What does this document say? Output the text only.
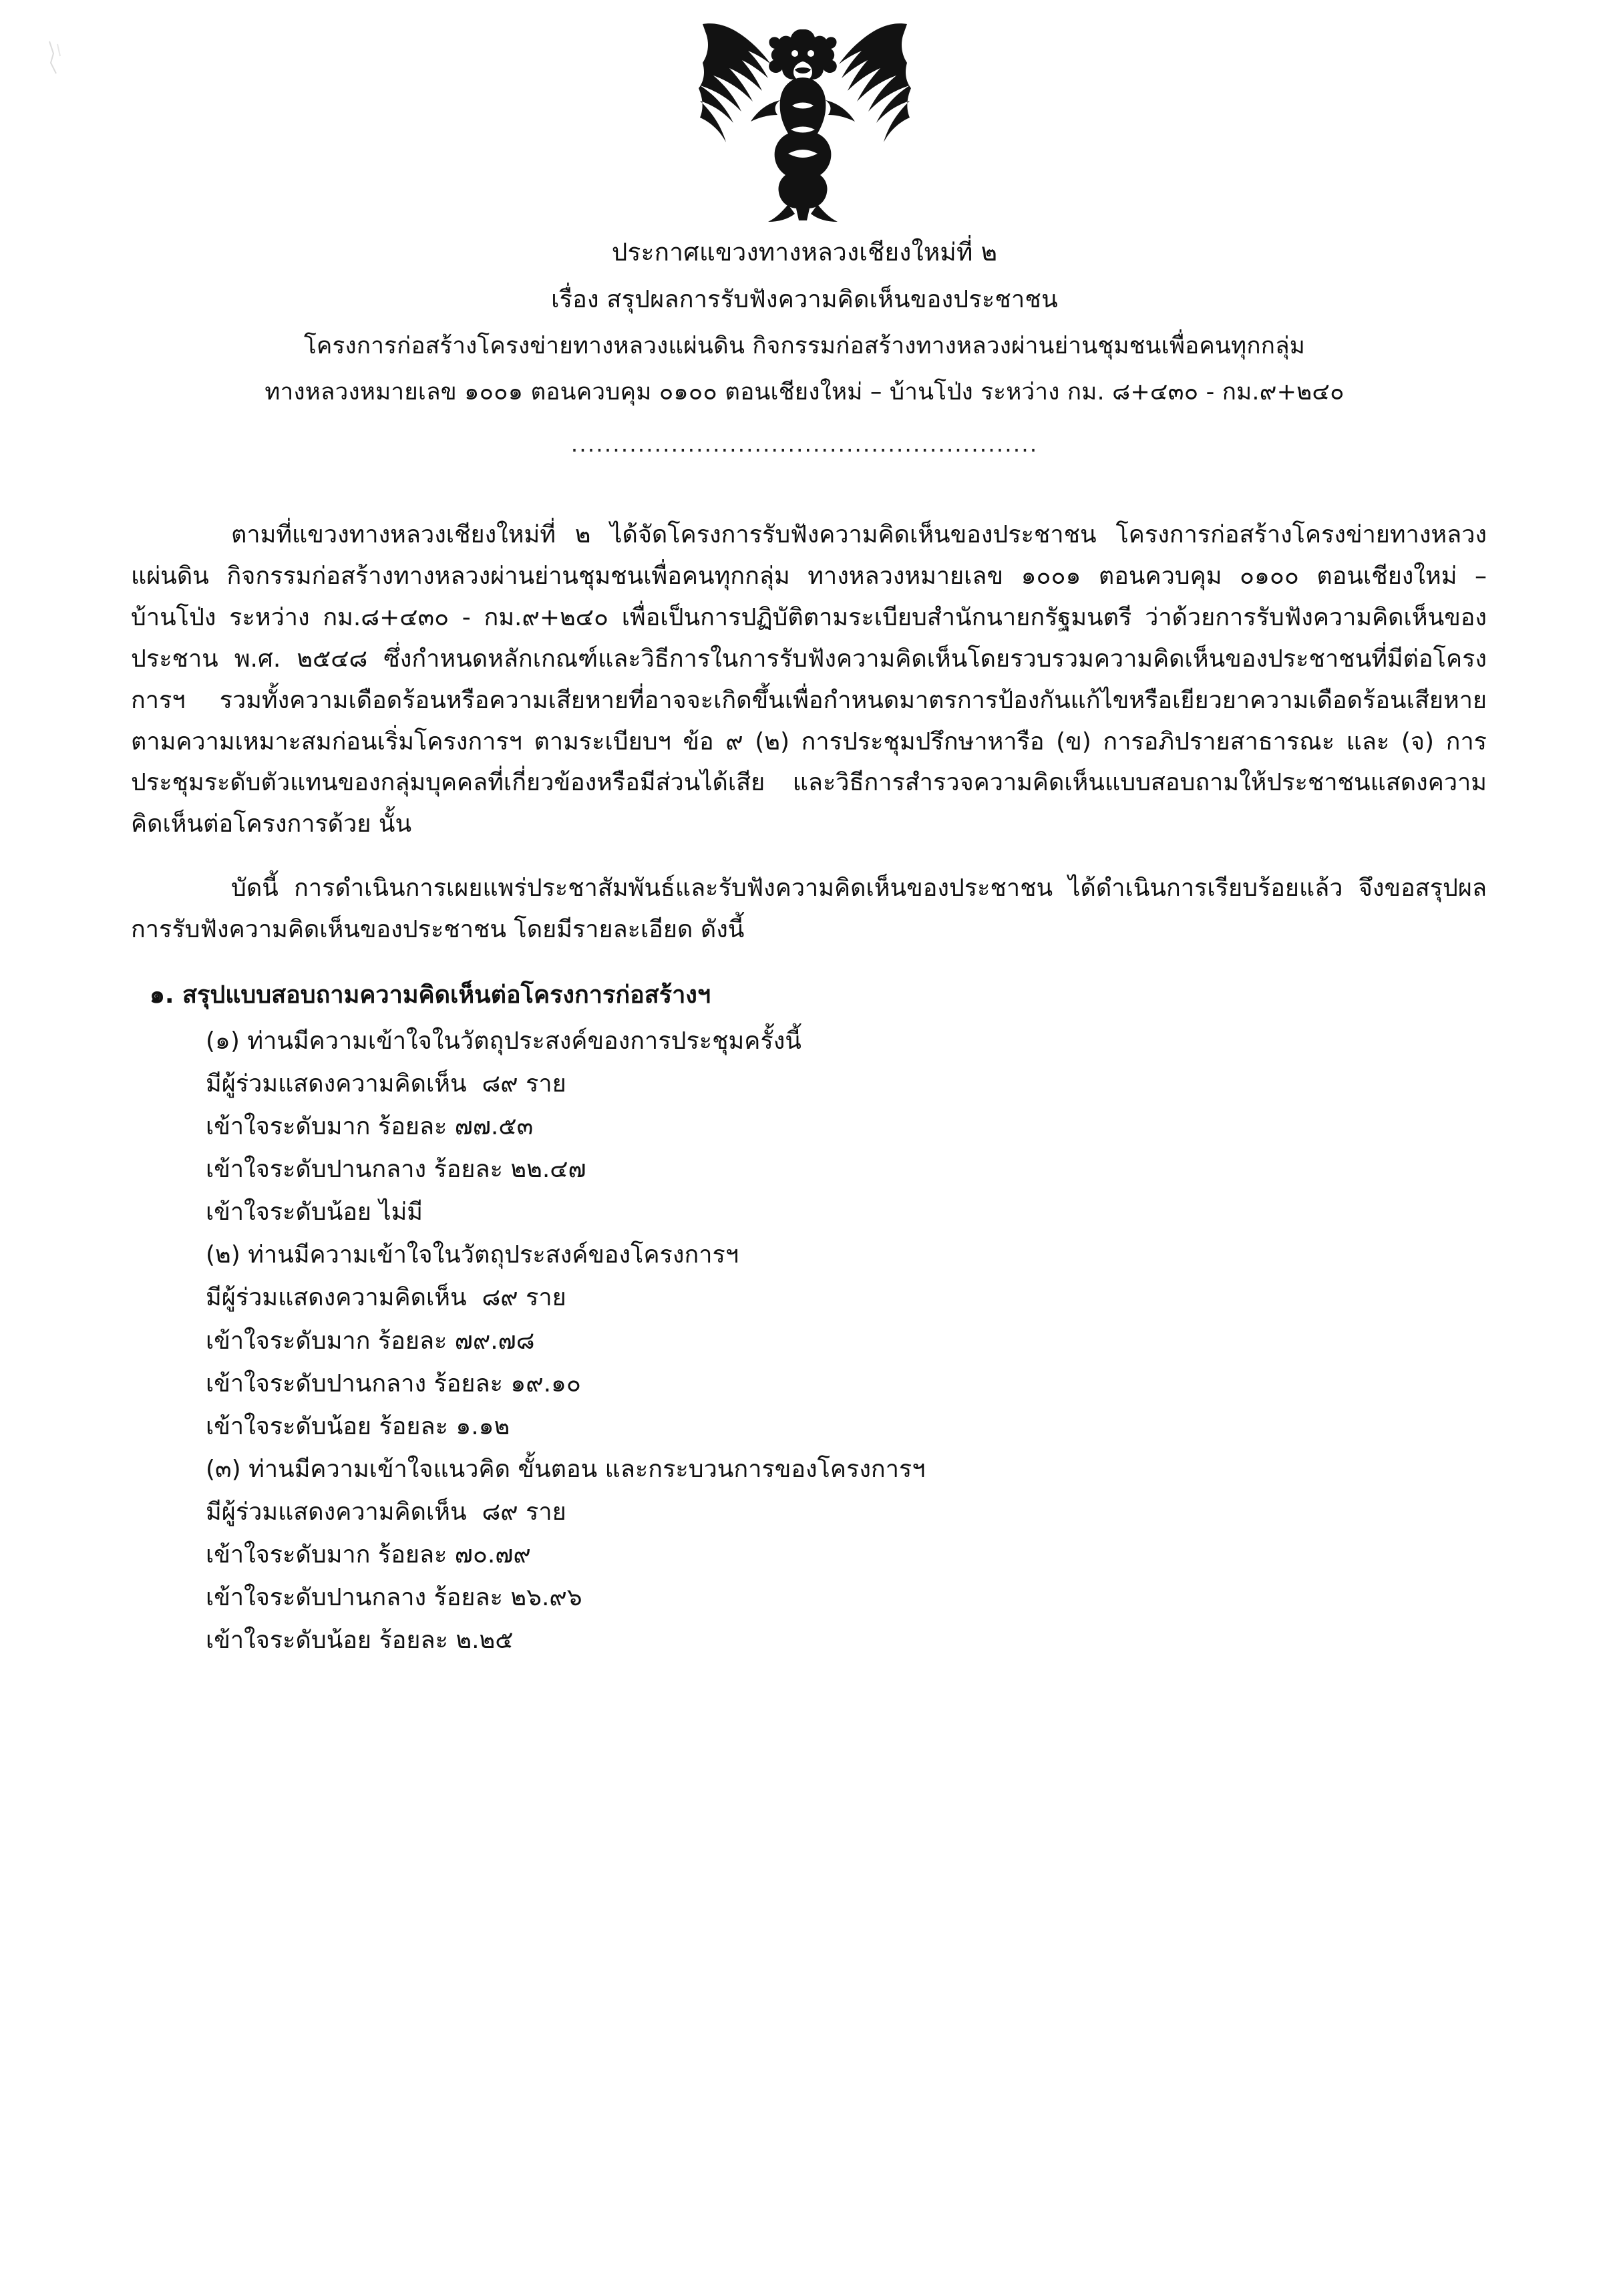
ประกาศแขวงทางหลวงเชียงใหม่ที่ ๒
เรื่อง สรุปผลการรับฟังความคิดเห็นของประชาชน
โครงการก่อสร้างโครงข่ายทางหลวงแผ่นดิน กิจกรรมก่อสร้างทางหลวงผ่านย่านชุมชนเพื่อคนทุกกลุ่ม
ทางหลวงหมายเลข ๑๐๐๑ ตอนควบคุม ๐๑๐๐ ตอนเชียงใหม่ – บ้านโป่ง ระหว่าง กม. ๘+๔๓๐ - กม.๙+๒๔๐
........................................................

ตามที่แขวงทางหลวงเชียงใหม่ที่ ๒ ได้จัดโครงการรับฟังความคิดเห็นของประชาชน โครงการก่อสร้างโครงข่ายทางหลวงแผ่นดิน กิจกรรมก่อสร้างทางหลวงผ่านย่านชุมชนเพื่อคนทุกกลุ่ม ทางหลวงหมายเลข ๑๐๐๑ ตอนควบคุม ๐๑๐๐ ตอนเชียงใหม่ – บ้านโป่ง ระหว่าง กม.๘+๔๓๐ - กม.๙+๒๔๐ เพื่อเป็นการปฏิบัติตามระเบียบสำนักนายกรัฐมนตรี ว่าด้วยการรับฟังความคิดเห็นของประชาน พ.ศ. ๒๕๔๘ ซึ่งกำหนดหลักเกณฑ์และวิธีการในการรับฟังความคิดเห็นโดยรวบรวมความคิดเห็นของประชาชนที่มีต่อโครงการฯ รวมทั้งความเดือดร้อนหรือความเสียหายที่อาจจะเกิดขึ้นเพื่อกำหนดมาตรการป้องกันแก้ไขหรือเยียวยาความเดือดร้อนเสียหายตามความเหมาะสมก่อนเริ่มโครงการฯ ตามระเบียบฯ ข้อ ๙ (๒) การประชุมปรึกษาหารือ (ข) การอภิปรายสาธารณะ และ (จ) การประชุมระดับตัวแทนของกลุ่มบุคคลที่เกี่ยวข้องหรือมีส่วนได้เสีย และวิธีการสำรวจความคิดเห็นแบบสอบถามให้ประชาชนแสดงความคิดเห็นต่อโครงการด้วย นั้น

บัดนี้ การดำเนินการเผยแพร่ประชาสัมพันธ์และรับฟังความคิดเห็นของประชาชน ได้ดำเนินการเรียบร้อยแล้ว จึงขอสรุปผลการรับฟังความคิดเห็นของประชาชน โดยมีรายละเอียด ดังนี้

๑. สรุปแบบสอบถามความคิดเห็นต่อโครงการก่อสร้างฯ

(๑) ท่านมีความเข้าใจในวัตถุประสงค์ของการประชุมครั้งนี้
มีผู้ร่วมแสดงความคิดเห็น  ๘๙ ราย
เข้าใจระดับมาก ร้อยละ ๗๗.๕๓
เข้าใจระดับปานกลาง ร้อยละ ๒๒.๔๗
เข้าใจระดับน้อย ไม่มี
(๒) ท่านมีความเข้าใจในวัตถุประสงค์ของโครงการฯ
มีผู้ร่วมแสดงความคิดเห็น  ๘๙ ราย
เข้าใจระดับมาก ร้อยละ ๗๙.๗๘
เข้าใจระดับปานกลาง ร้อยละ ๑๙.๑๐
เข้าใจระดับน้อย ร้อยละ ๑.๑๒
(๓) ท่านมีความเข้าใจแนวคิด ขั้นตอน และกระบวนการของโครงการฯ
มีผู้ร่วมแสดงความคิดเห็น  ๘๙ ราย
เข้าใจระดับมาก ร้อยละ ๗๐.๗๙
เข้าใจระดับปานกลาง ร้อยละ ๒๖.๙๖
เข้าใจระดับน้อย ร้อยละ ๒.๒๕
